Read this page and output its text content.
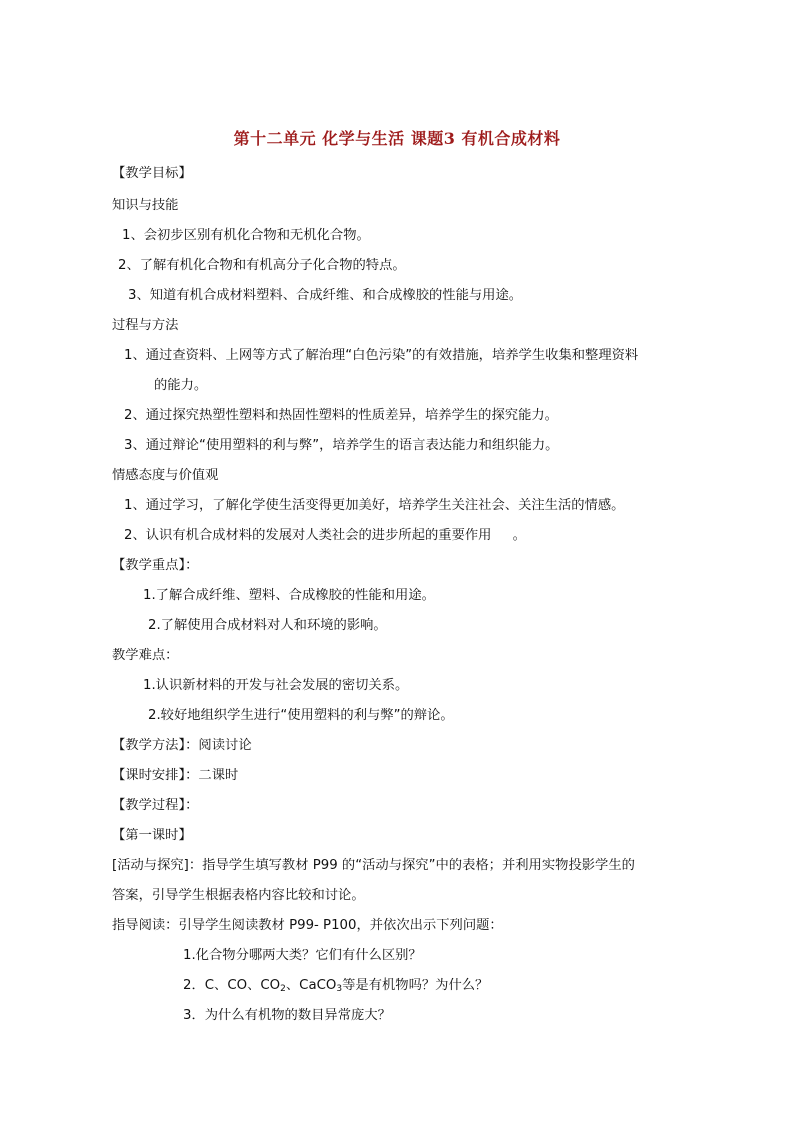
第十二单元 化学与生活 课题3 有机合成材料
【教学目标】
知识与技能
1、会初步区别有机化合物和无机化合物。
2、了解有机化合物和有机高分子化合物的特点。
3、知道有机合成材料塑料、合成纤维、和合成橡胶的性能与用途。
过程与方法
1、通过查资料、上网等方式了解治理“白色污染”的有效措施，培养学生收集和整理资料
的能力。
2、通过探究热塑性塑料和热固性塑料的性质差异，培养学生的探究能力。
3、通过辩论“使用塑料的利与弊”，培养学生的语言表达能力和组织能力。
情感态度与价值观
1、通过学习，了解化学使生活变得更加美好，培养学生关注社会、关注生活的情感。
2、认识有机合成材料的发展对人类社会的进步所起的重要作用     。
【教学重点】：
1.了解合成纤维、塑料、合成橡胶的性能和用途。
2.了解使用合成材料对人和环境的影响。
教学难点：
1.认识新材料的开发与社会发展的密切关系。
2.较好地组织学生进行“使用塑料的利与弊”的辩论。
【教学方法】：阅读讨论
【课时安排】：二课时
【教学过程】：
【第一课时】
[活动与探究]：指导学生填写教材 P99 的“活动与探究”中的表格；并利用实物投影学生的
答案，引导学生根据表格内容比较和讨论。
指导阅读：引导学生阅读教材 P99- P100，并依次出示下列问题：
1.化合物分哪两大类？它们有什么区别？
2．C、CO、$CO_2$、CaCO$_3$等是有机物吗？为什么？
3．为什么有机物的数目异常庞大？
